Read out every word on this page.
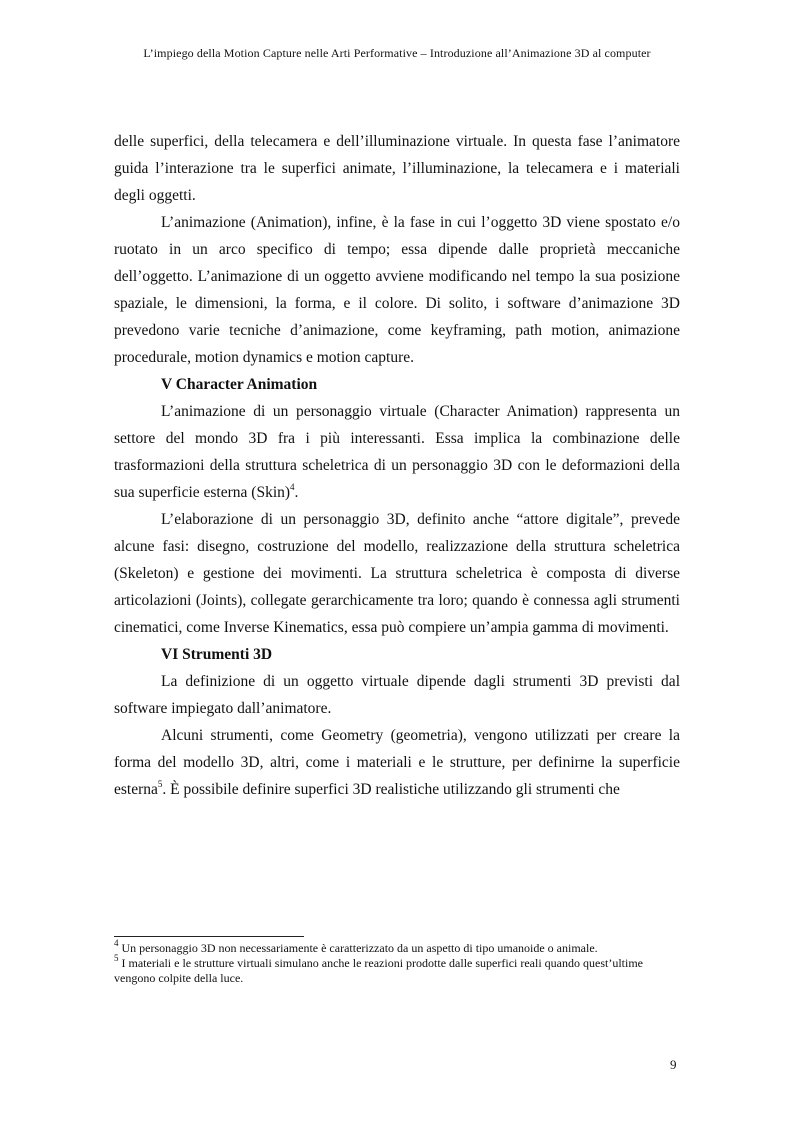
L’impiego della Motion Capture nelle Arti Performative – Introduzione all’Animazione 3D al computer

delle superfici, della telecamera e dell’illuminazione virtuale. In questa fase l’animatore guida l’interazione tra le superfici animate, l’illuminazione, la telecamera e i materiali degli oggetti.

L’animazione (Animation), infine, è la fase in cui l’oggetto 3D viene spostato e/o ruotato in un arco specifico di tempo; essa dipende dalle proprietà meccaniche dell’oggetto. L’animazione di un oggetto avviene modificando nel tempo la sua posizione spaziale, le dimensioni, la forma, e il colore. Di solito, i software d’animazione 3D prevedono varie tecniche d’animazione, come keyframing, path motion, animazione procedurale, motion dynamics e motion capture.

V Character Animation

L’animazione di un personaggio virtuale (Character Animation) rappresenta un settore del mondo 3D fra i più interessanti. Essa implica la combinazione delle trasformazioni della struttura scheletrica di un personaggio 3D con le deformazioni della sua superficie esterna (Skin)$^4$.

L’elaborazione di un personaggio 3D, definito anche “attore digitale”, prevede alcune fasi: disegno, costruzione del modello, realizzazione della struttura scheletrica (Skeleton) e gestione dei movimenti. La struttura scheletrica è composta di diverse articolazioni (Joints), collegate gerarchicamente tra loro; quando è connessa agli strumenti cinematici, come Inverse Kinematics, essa può compiere un’ampia gamma di movimenti.

VI Strumenti 3D

La definizione di un oggetto virtuale dipende dagli strumenti 3D previsti dal software impiegato dall’animatore.

Alcuni strumenti, come Geometry (geometria), vengono utilizzati per creare la forma del modello 3D, altri, come i materiali e le strutture, per definirne la superficie esterna$^5$. È possibile definire superfici 3D realistiche utilizzando gli strumenti che

$^4$ Un personaggio 3D non necessariamente è caratterizzato da un aspetto di tipo umanoide o animale.

$^5$ I materiali e le strutture virtuali simulano anche le reazioni prodotte dalle superfici reali quando quest’ultime vengono colpite della luce.

9
